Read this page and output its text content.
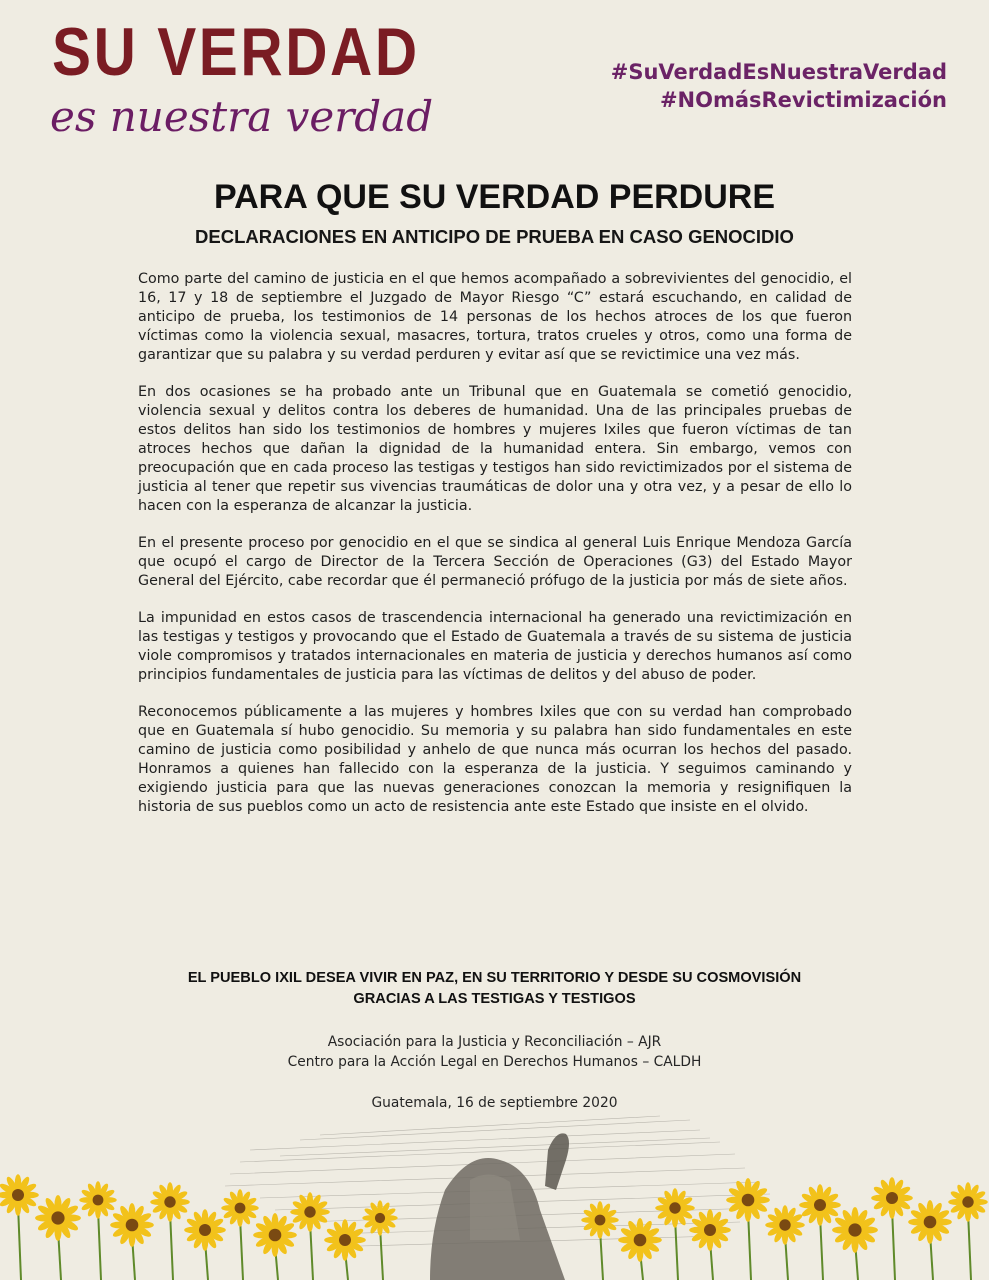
SU VERDAD
es nuestra verdad
#SuVerdadEsNuestraVerdad
#NOmásRevictimización
PARA QUE SU VERDAD PERDURE
DECLARACIONES EN ANTICIPO DE PRUEBA EN CASO GENOCIDIO

Como parte del camino de justicia en el que hemos acompañado a sobrevivientes del genocidio, el 16, 17 y 18 de septiembre el Juzgado de Mayor Riesgo “C” estará escuchando, en calidad de anticipo de prueba, los testimonios de 14 personas de los hechos atroces de los que fueron víctimas como la violencia sexual, masacres, tortura, tratos crueles y otros, como una forma de garantizar que su palabra y su verdad perduren y evitar así que se revictimice una vez más.

En dos ocasiones se ha probado ante un Tribunal que en Guatemala se cometió genocidio, violencia sexual y delitos contra los deberes de humanidad. Una de las principales pruebas de estos delitos han sido los testimonios de hombres y mujeres Ixiles que fueron víctimas de tan atroces hechos que dañan la dignidad de la humanidad entera. Sin embargo, vemos con preocupación que en cada proceso las testigas y testigos han sido revictimizados por el sistema de justicia al tener que repetir sus vivencias traumáticas de dolor una y otra vez, y a pesar de ello lo hacen con la esperanza de alcanzar la justicia.

En el presente proceso por genocidio en el que se sindica al general Luis Enrique Mendoza García que ocupó el cargo de Director de la Tercera Sección de Operaciones (G3) del Estado Mayor General del Ejército, cabe recordar que él permaneció prófugo de la justicia por más de siete años.

La impunidad en estos casos de trascendencia internacional ha generado una revictimización en las testigas y testigos y provocando que el Estado de Guatemala a través de su sistema de justicia viole compromisos y tratados internacionales en materia de justicia y derechos humanos así como principios fundamentales de justicia para las víctimas de delitos y del abuso de poder.

Reconocemos públicamente a las mujeres y hombres Ixiles que con su verdad han comprobado que en Guatemala sí hubo genocidio. Su memoria y su palabra han sido fundamentales en este camino de justicia como posibilidad y anhelo de que nunca más ocurran los hechos del pasado. Honramos a quienes han fallecido con la esperanza de la justicia. Y seguimos caminando y exigiendo justicia para que las nuevas generaciones conozcan la memoria y resignifiquen la historia de sus pueblos como un acto de resistencia ante este Estado que insiste en el olvido.

EL PUEBLO IXIL DESEA VIVIR EN PAZ, EN SU TERRITORIO Y DESDE SU COSMOVISIÓN
GRACIAS A LAS TESTIGAS Y TESTIGOS
Asociación para la Justicia y Reconciliación – AJR
Centro para la Acción Legal en Derechos Humanos – CALDH
Guatemala, 16 de septiembre 2020
